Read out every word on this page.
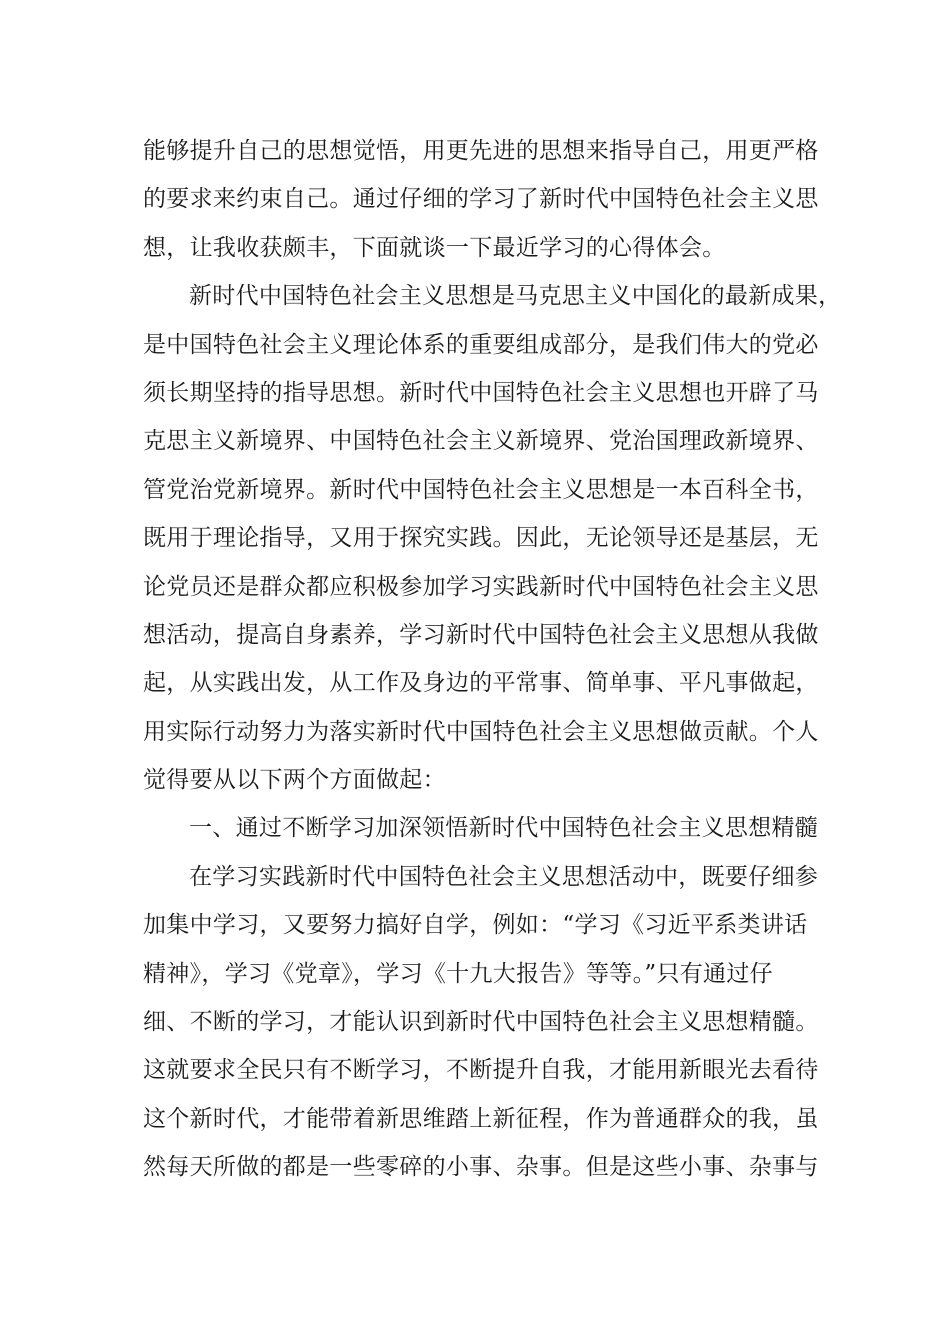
能够提升自己的思想觉悟，用更先进的思想来指导自己，用更严格
的要求来约束自己。通过仔细的学习了新时代中国特色社会主义思
想，让我收获颇丰，下面就谈一下最近学习的心得体会。
新时代中国特色社会主义思想是马克思主义中国化的最新成果，
是中国特色社会主义理论体系的重要组成部分，是我们伟大的党必
须长期坚持的指导思想。新时代中国特色社会主义思想也开辟了马
克思主义新境界、中国特色社会主义新境界、党治国理政新境界、
管党治党新境界。新时代中国特色社会主义思想是一本百科全书，
既用于理论指导，又用于探究实践。因此，无论领导还是基层，无
论党员还是群众都应积极参加学习实践新时代中国特色社会主义思
想活动，提高自身素养，学习新时代中国特色社会主义思想从我做
起，从实践出发，从工作及身边的平常事、简单事、平凡事做起，
用实际行动努力为落实新时代中国特色社会主义思想做贡献。个人
觉得要从以下两个方面做起：
一、通过不断学习加深领悟新时代中国特色社会主义思想精髓
在学习实践新时代中国特色社会主义思想活动中，既要仔细参
加集中学习，又要努力搞好自学，例如：“学习《习近平系类讲话
精神》，学习《党章》，学习《十九大报告》等等。”只有通过仔
细、不断的学习，才能认识到新时代中国特色社会主义思想精髓。
这就要求全民只有不断学习，不断提升自我，才能用新眼光去看待
这个新时代，才能带着新思维踏上新征程，作为普通群众的我，虽
然每天所做的都是一些零碎的小事、杂事。但是这些小事、杂事与
